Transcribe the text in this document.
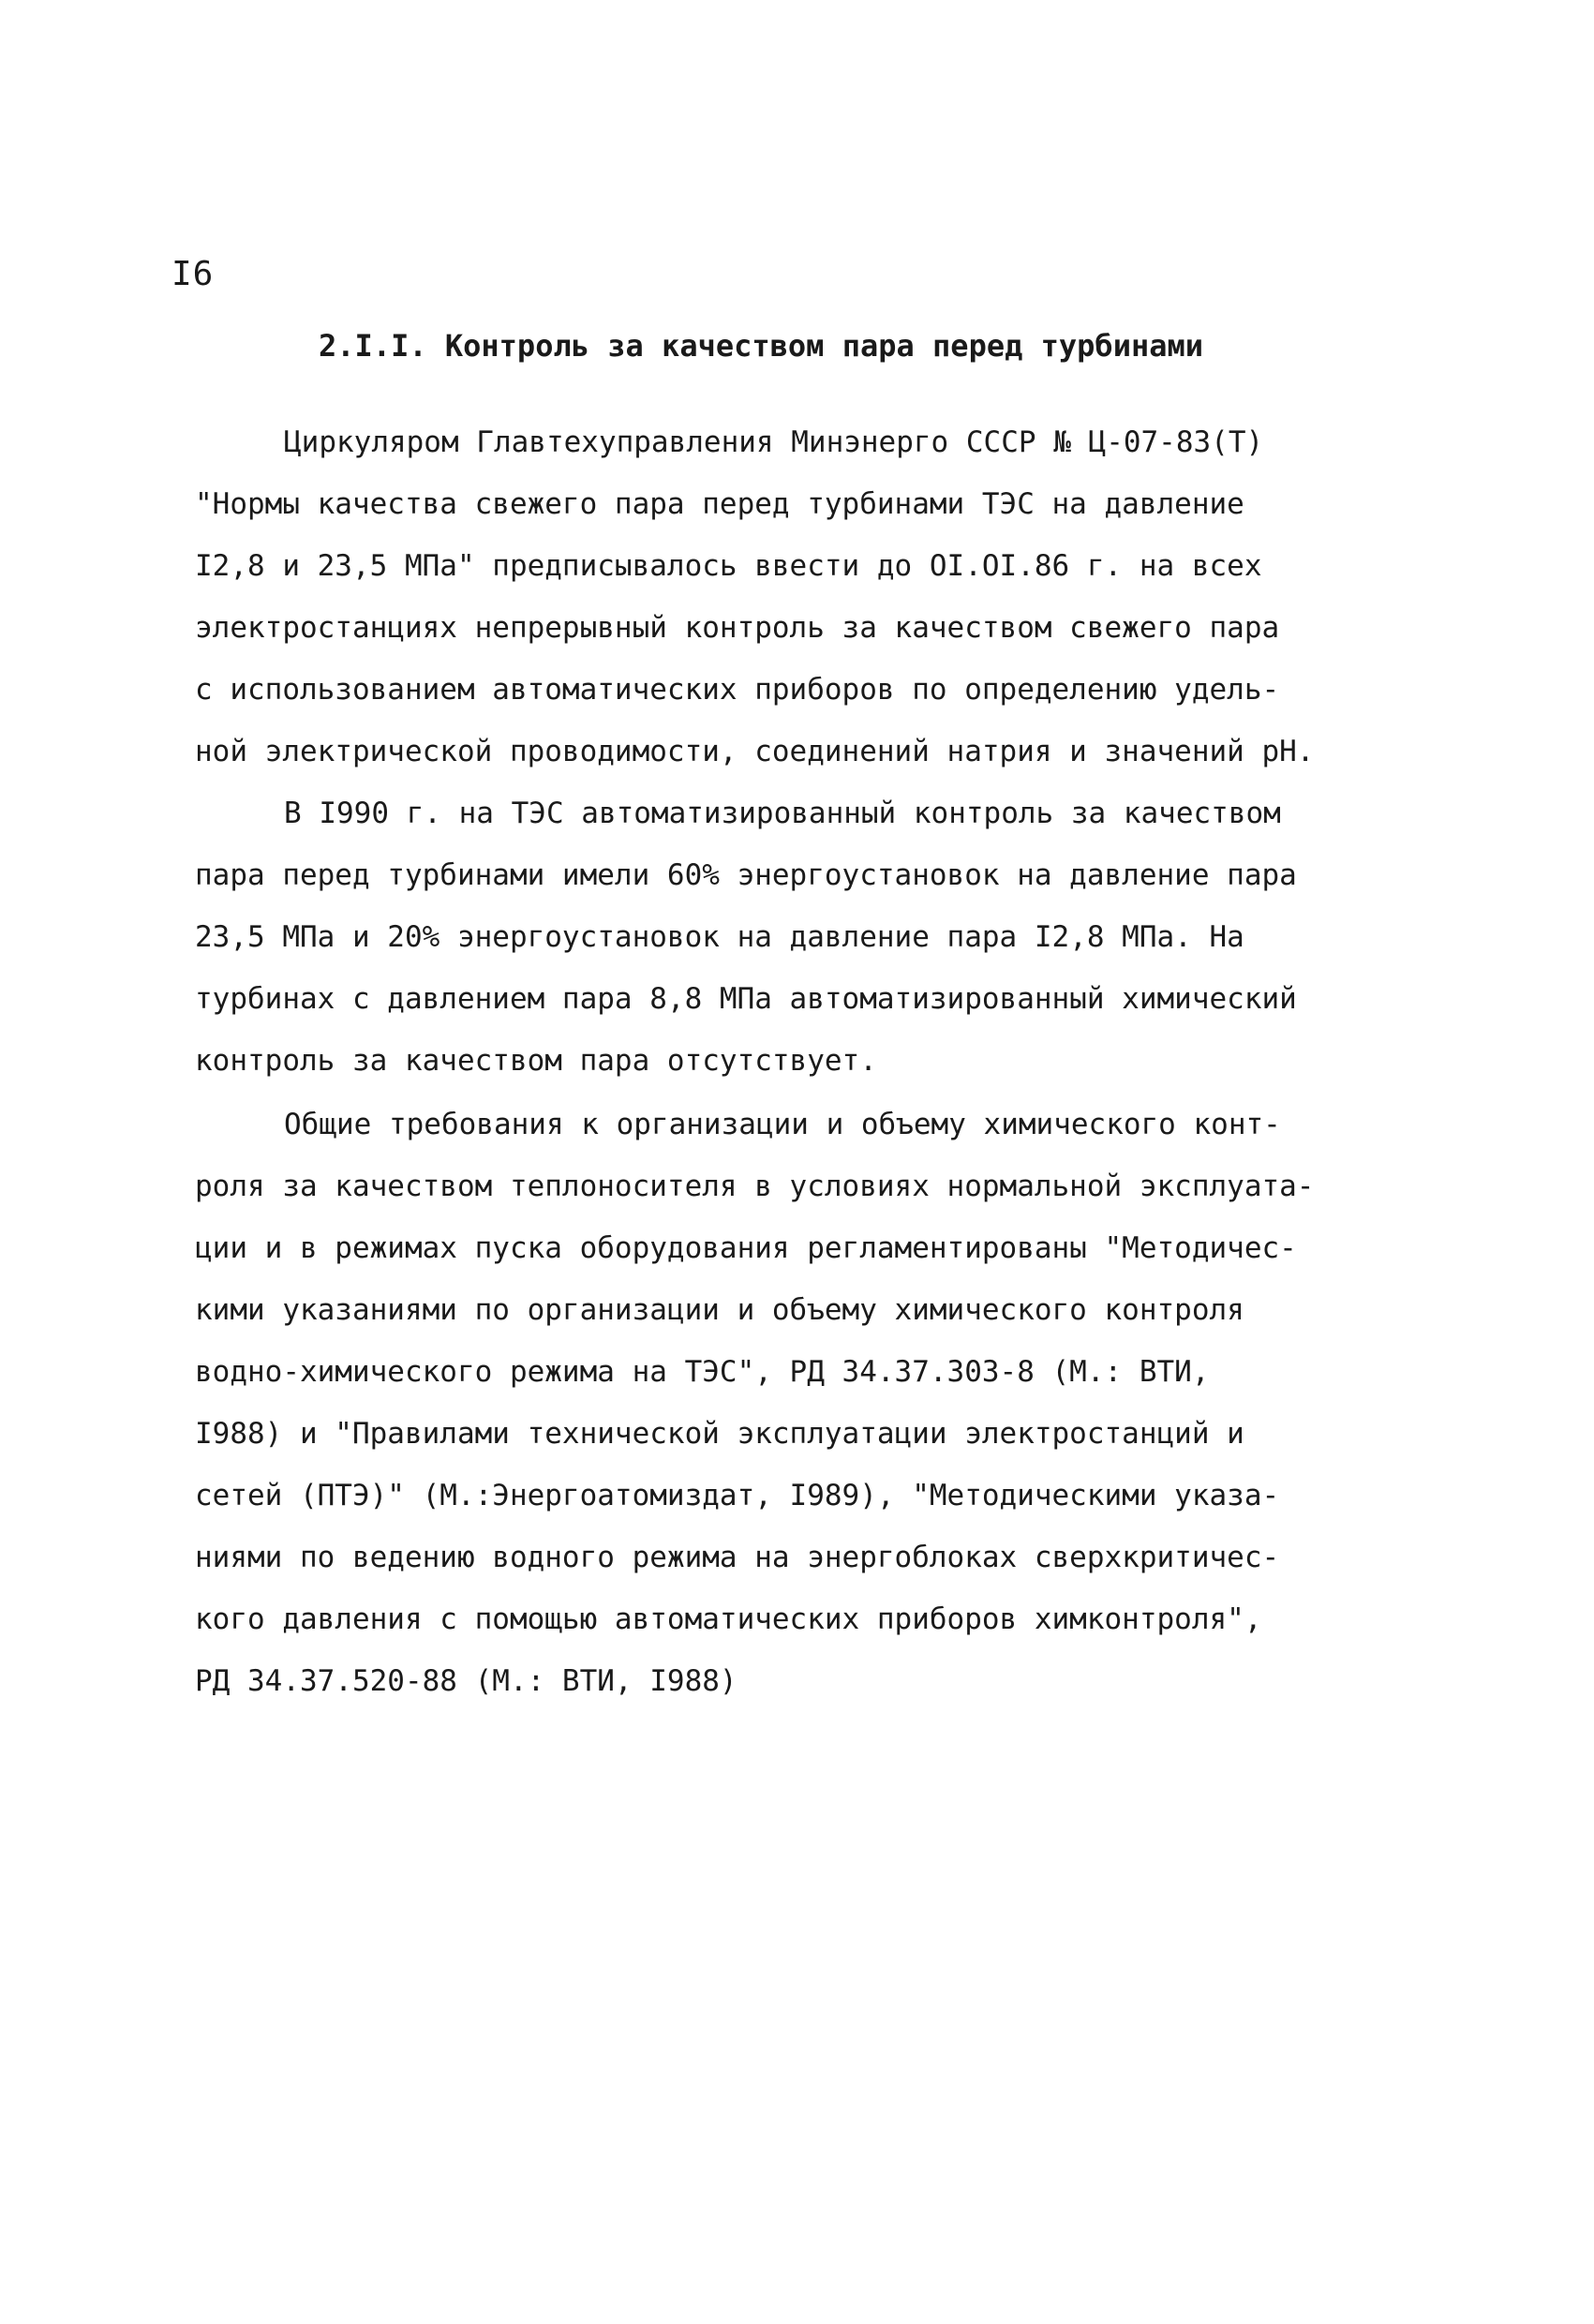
I6
2.I.I. Контроль за качеством пара перед турбинами
Циркуляром Главтехуправления Минэнерго СССР № Ц-07-83(Т)
"Нормы качества свежего пара перед турбинами ТЭС на давление
I2,8 и 23,5 МПа" предписывалось ввести до OI.OI.86 г. на всех
электростанциях непрерывный контроль за качеством свежего пара
с использованием автоматических приборов по определению удель-
ной электрической проводимости, соединений натрия и значений рН.
В I990 г. на ТЭС автоматизированный контроль за качеством
пара перед турбинами имели 60% энергоустановок на давление пара
23,5 МПа и 20% энергоустановок на давление пара I2,8 МПа. На
турбинах с давлением пара 8,8 МПа автоматизированный химический
контроль за качеством пара отсутствует.
Общие требования к организации и объему химического конт-
роля за качеством теплоносителя в условиях нормальной эксплуата-
ции и в режимах пуска оборудования регламентированы "Методичес-
кими указаниями по организации и объему химического контроля
водно-химического режима на ТЭС", РД 34.37.303-8 (М.: ВТИ,
I988) и "Правилами технической эксплуатации электростанций и
сетей (ПТЭ)" (М.:Энергоатомиздат, I989), "Методическими указа-
ниями по ведению водного режима на энергоблоках сверхкритичес-
кого давления с помощью автоматических приборов химконтроля",
РД 34.37.520-88 (М.: ВТИ, I988)
